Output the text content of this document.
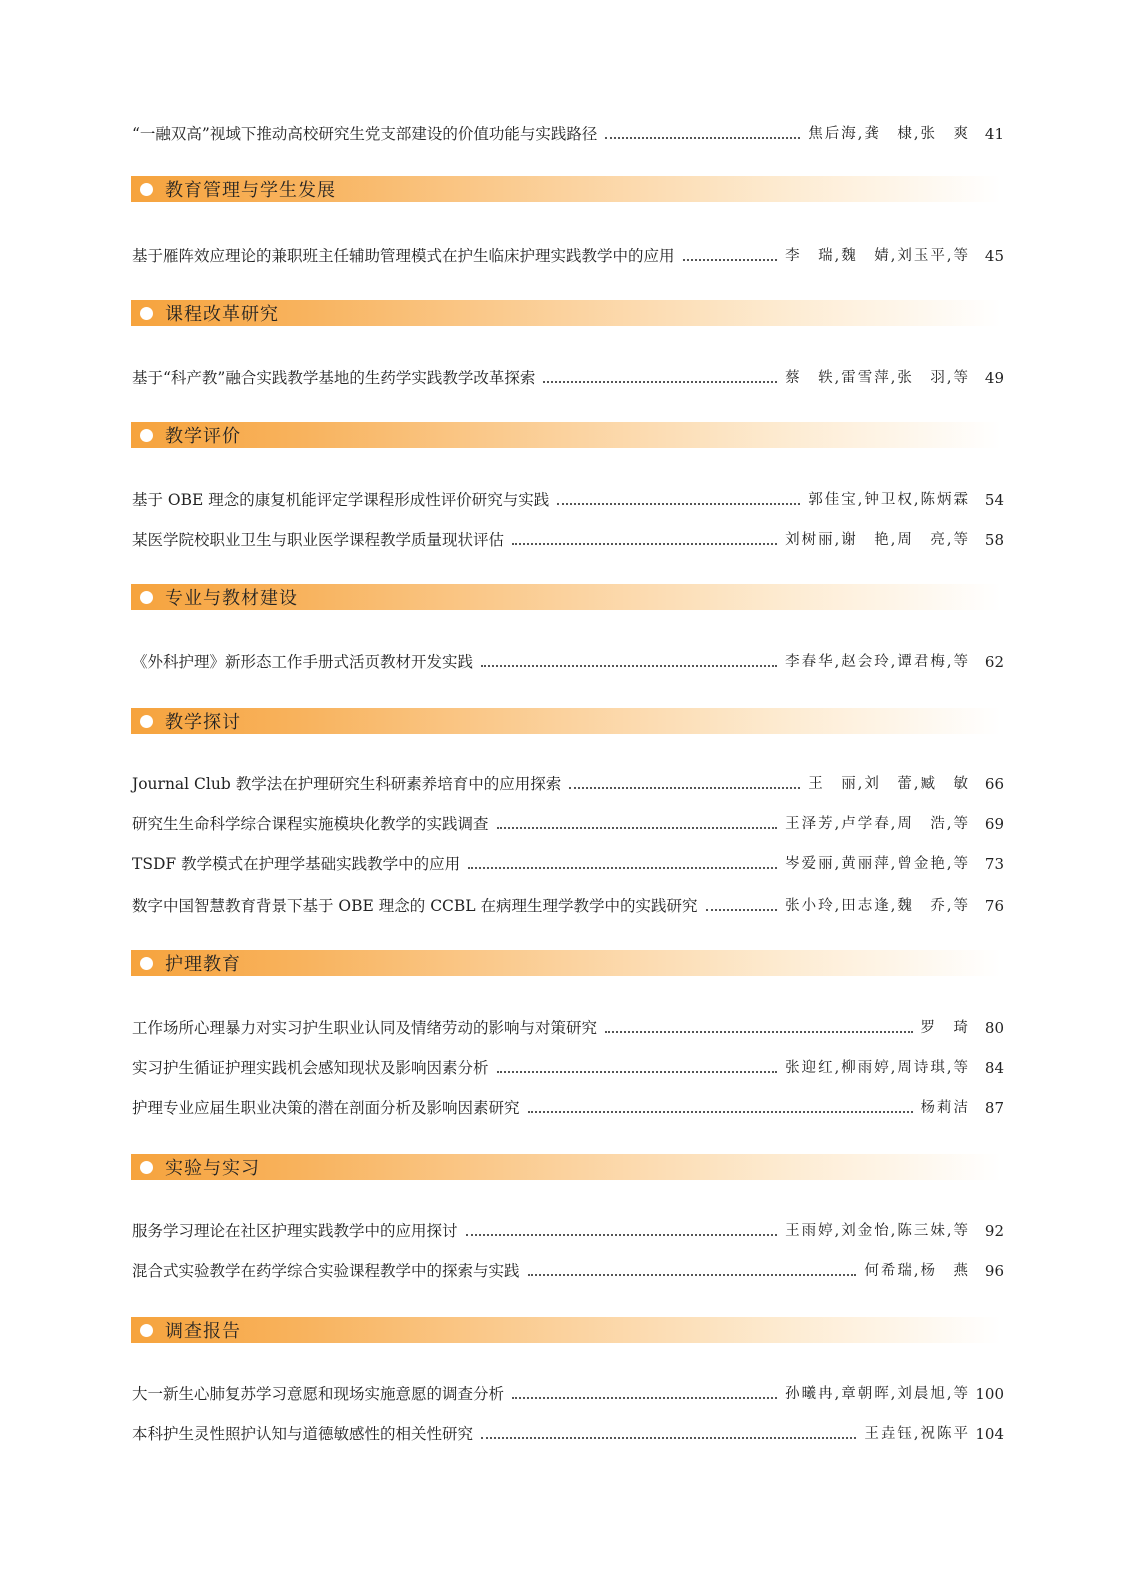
“一融双高”视域下推动高校研究生党支部建设的价值功能与实践路径	焦后海,龚　棣,张　爽 41
教育管理与学生发展
基于雁阵效应理论的兼职班主任辅助管理模式在护生临床护理实践教学中的应用	李　瑞,魏　婧,刘玉平,等 45
课程改革研究
基于“科产教”融合实践教学基地的生药学实践教学改革探索	蔡　轶,雷雪萍,张　羽,等 49
教学评价
基于 OBE 理念的康复机能评定学课程形成性评价研究与实践	郭佳宝,钟卫权,陈炳霖 54
某医学院校职业卫生与职业医学课程教学质量现状评估	刘树丽,谢　艳,周　亮,等 58
专业与教材建设
《外科护理》新形态工作手册式活页教材开发实践	李春华,赵会玲,谭君梅,等 62
教学探讨
Journal Club 教学法在护理研究生科研素养培育中的应用探索	王　丽,刘　蕾,臧　敏 66
研究生生命科学综合课程实施模块化教学的实践调查	王泽芳,卢学春,周　浩,等 69
TSDF 教学模式在护理学基础实践教学中的应用	岑爱丽,黄丽萍,曾金艳,等 73
数字中国智慧教育背景下基于 OBE 理念的 CCBL 在病理生理学教学中的实践研究	张小玲,田志逢,魏　乔,等 76
护理教育
工作场所心理暴力对实习护生职业认同及情绪劳动的影响与对策研究	罗　琦 80
实习护生循证护理实践机会感知现状及影响因素分析	张迎红,柳雨婷,周诗琪,等 84
护理专业应届生职业决策的潜在剖面分析及影响因素研究	杨莉洁 87
实验与实习
服务学习理论在社区护理实践教学中的应用探讨	王雨婷,刘金怡,陈三妹,等 92
混合式实验教学在药学综合实验课程教学中的探索与实践	何希瑞,杨　燕 96
调查报告
大一新生心肺复苏学习意愿和现场实施意愿的调查分析	孙曦冉,章朝晖,刘晨旭,等 100
本科护生灵性照护认知与道德敏感性的相关性研究	王垚钰,祝陈平 104
